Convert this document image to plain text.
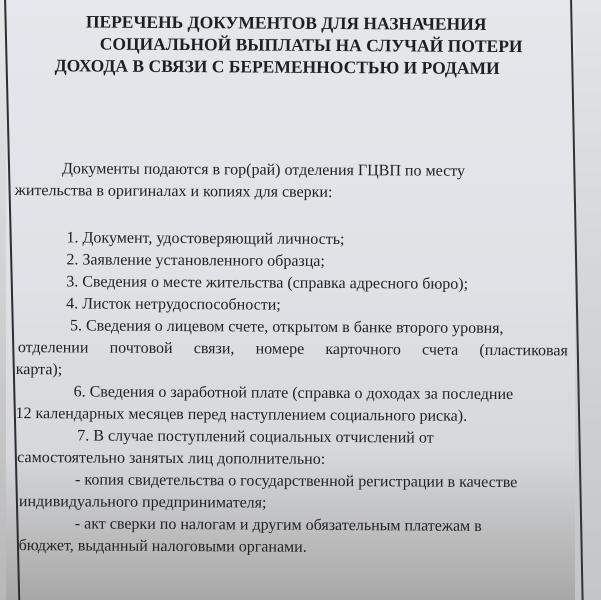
ПЕРЕЧЕНЬ ДОКУМЕНТОВ ДЛЯ НАЗНАЧЕНИЯ
СОЦИАЛЬНОЙ ВЫПЛАТЫ НА СЛУЧАЙ ПОТЕРИ
ДОХОДА В СВЯЗИ С БЕРЕМЕННОСТЬЮ И РОДАМИ
Документы подаются в гор(рай) отделения ГЦВП по месту
жительства в оригиналах и копиях для сверки:
1. Документ, удостоверяющий личность;
2. Заявление установленного образца;
3. Сведения о месте жительства (справка адресного бюро);
4. Листок нетрудоспособности;
5. Сведения о лицевом счете, открытом в банке второго уровня,
отделении почтовой связи, номере карточного счета (пластиковая
карта);
6. Сведения о заработной плате (справка о доходах за последние
12 календарных месяцев перед наступлением социального риска).
7. В случае поступлений социальных отчислений от
самостоятельно занятых лиц дополнительно:
- копия свидетельства о государственной регистрации в качестве
индивидуального предпринимателя;
- акт сверки по налогам и другим обязательным платежам в
бюджет, выданный налоговыми органами.
